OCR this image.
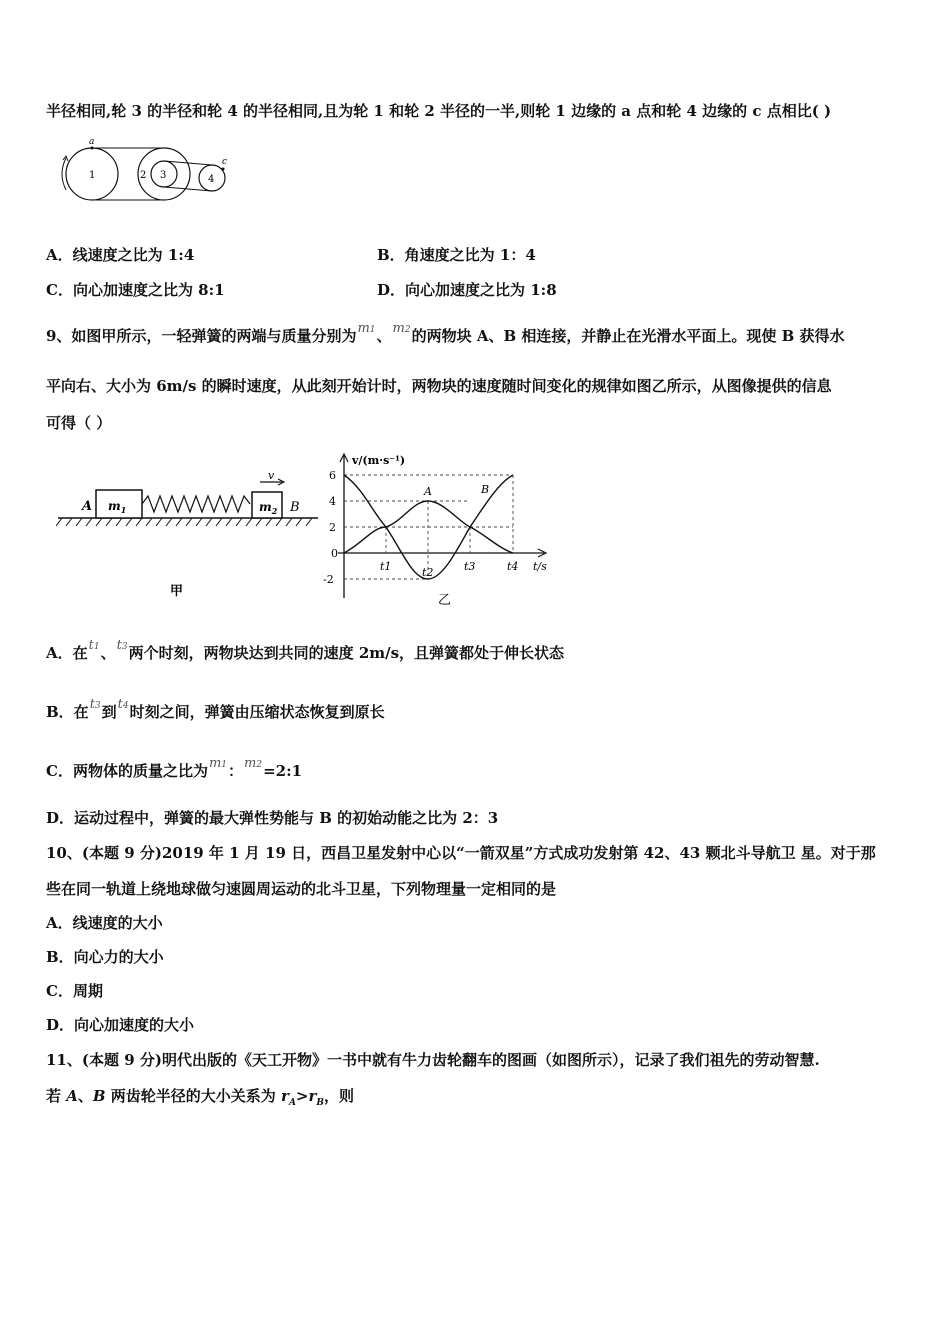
半径相同,轮 3 的半径和轮 4 的半径相同,且为轮 1 和轮 2 半径的一半,则轮 1 边缘的 a 点和轮 4 边缘的 c 点相比( )
a
c
1	2 3	4
A．线速度之比为 1:4	B．角速度之比为 1：4
C．向心加速度之比为 8:1	D．向心加速度之比为 1:8
9、如图甲所示，一轻弹簧的两端与质量分别为m1、m2的两物块 A、B 相连接，并静止在光滑水平面上。现使 B 获得水
平向右、大小为 6m/s 的瞬时速度，从此刻开始计时，两物块的速度随时间变化的规律如图乙所示，从图像提供的信息
可得（ ）
A $m_1$	$m_2$ B
v
甲
v/(m·s⁻¹)
t/s
A	B
6
4
2
0
-2
t1	t2	t3	t4
乙
A．在t1、t3两个时刻，两物块达到共同的速度 2m/s，且弹簧都处于伸长状态
B．在t3到t4时刻之间，弹簧由压缩状态恢复到原长
C．两物体的质量之比为m1：m2=2:1
D．运动过程中，弹簧的最大弹性势能与 B 的初始动能之比为 2：3
10、(本题 9 分)2019 年 1 月 19 日，西昌卫星发射中心以“一箭双星”方式成功发射第 42、43 颗北斗导航卫 星。对于那
些在同一轨道上绕地球做匀速圆周运动的北斗卫星，下列物理量一定相同的是
A．线速度的大小
B．向心力的大小
C．周期
D．向心加速度的大小
11、(本题 9 分)明代出版的《天工开物》一书中就有牛力齿轮翻车的图画（如图所示），记录了我们祖先的劳动智慧.
若 A、B 两齿轮半径的大小关系为 $r_A>r_B$，则
